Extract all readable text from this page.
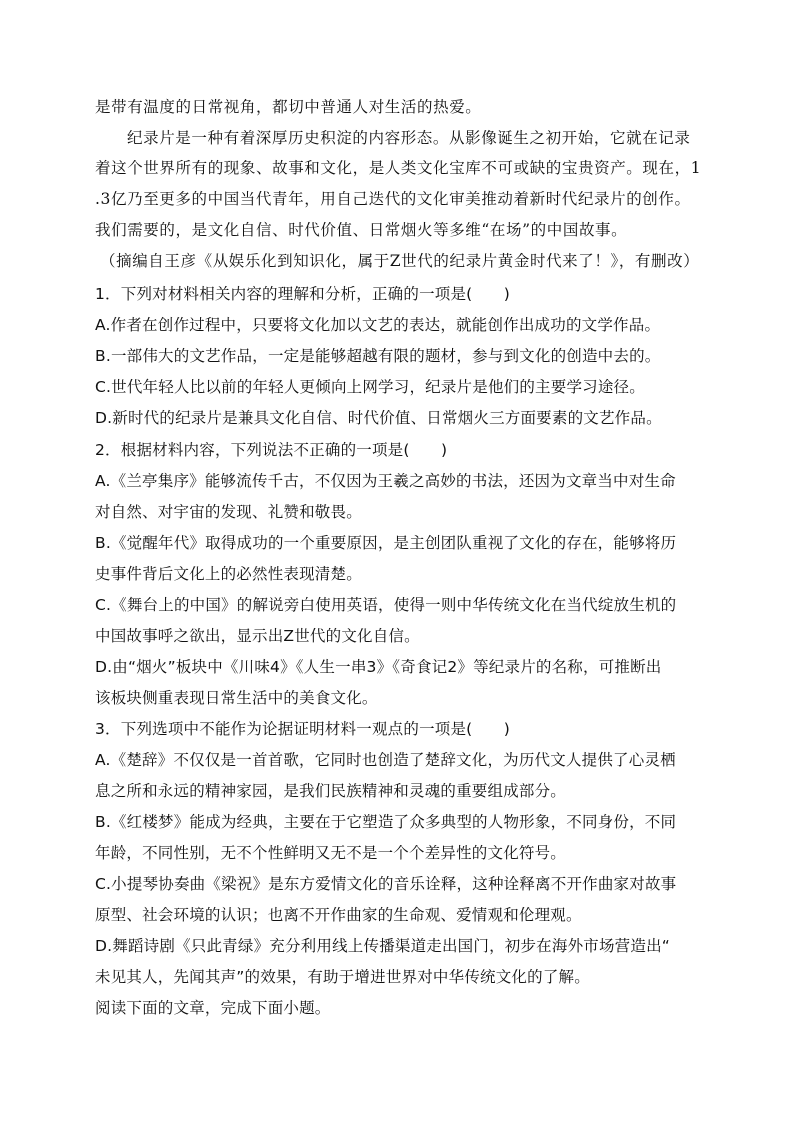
是带有温度的日常视角，都切中普通人对生活的热爱。
纪录片是一种有着深厚历史积淀的内容形态。从影像诞生之初开始，它就在记录
着这个世界所有的现象、故事和文化，是人类文化宝库不可或缺的宝贵资产。现在，1
.3亿乃至更多的中国当代青年，用自己迭代的文化审美推动着新时代纪录片的创作。
我们需要的，是文化自信、时代价值、日常烟火等多维“在场”的中国故事。
（摘编自王彦《从娱乐化到知识化，属于Z世代的纪录片黄金时代来了！》，有删改）
1．下列对材料相关内容的理解和分析，正确的一项是(　　)
A.作者在创作过程中，只要将文化加以文艺的表达，就能创作出成功的文学作品。
B.一部伟大的文艺作品，一定是能够超越有限的题材，参与到文化的创造中去的。
C.世代年轻人比以前的年轻人更倾向上网学习，纪录片是他们的主要学习途径。
D.新时代的纪录片是兼具文化自信、时代价值、日常烟火三方面要素的文艺作品。
2．根据材料内容，下列说法不正确的一项是(　　)
A.《兰亭集序》能够流传千古，不仅因为王羲之高妙的书法，还因为文章当中对生命
对自然、对宇宙的发现、礼赞和敬畏。
B.《觉醒年代》取得成功的一个重要原因，是主创团队重视了文化的存在，能够将历
史事件背后文化上的必然性表现清楚。
C.《舞台上的中国》的解说旁白使用英语，使得一则中华传统文化在当代绽放生机的
中国故事呼之欲出，显示出Z世代的文化自信。
D.由“烟火”板块中《川味4》《人生一串3》《奇食记2》等纪录片的名称，可推断出
该板块侧重表现日常生活中的美食文化。
3．下列选项中不能作为论据证明材料一观点的一项是(　　)
A.《楚辞》不仅仅是一首首歌，它同时也创造了楚辞文化，为历代文人提供了心灵栖
息之所和永远的精神家园，是我们民族精神和灵魂的重要组成部分。
B.《红楼梦》能成为经典，主要在于它塑造了众多典型的人物形象，不同身份，不同
年龄，不同性别，无不个性鲜明又无不是一个个差异性的文化符号。
C.小提琴协奏曲《梁祝》是东方爱情文化的音乐诠释，这种诠释离不开作曲家对故事
原型、社会环境的认识；也离不开作曲家的生命观、爱情观和伦理观。
D.舞蹈诗剧《只此青绿》充分利用线上传播渠道走出国门，初步在海外市场营造出“
未见其人，先闻其声”的效果，有助于增进世界对中华传统文化的了解。
阅读下面的文章，完成下面小题。
